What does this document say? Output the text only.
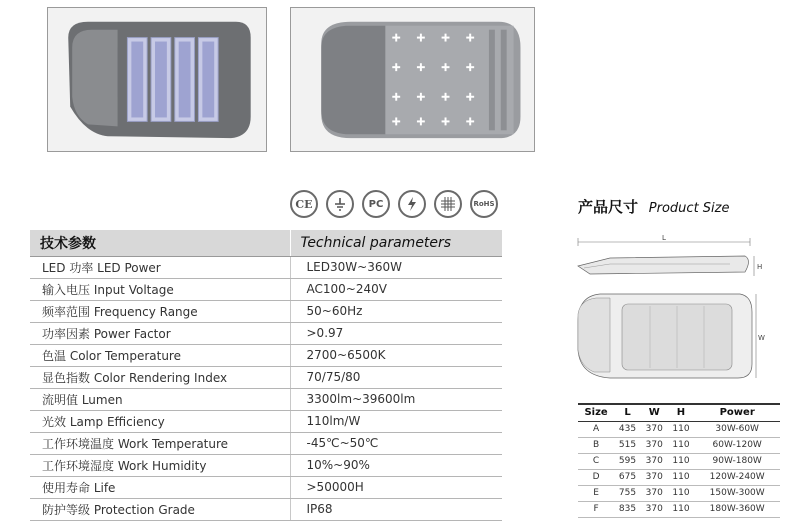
CE	PC	RoHS
技术参数	Technical parameters
LED 功率 LED Power	LED30W~360W
输入电压 Input Voltage	AC100~240V
频率范围 Frequency Range	50~60Hz
功率因素 Power Factor	>0.97
色温 Color Temperature	2700~6500K
显色指数 Color Rendering Index	70/75/80
流明值 Lumen	3300lm~39600lm
光效 Lamp Efficiency	110lm/W
工作环境温度 Work Temperature	-45℃~50℃
工作环境湿度 Work Humidity	10%~90%
使用寿命 Life	>50000H
防护等级 Protection Grade	IP68
产品尺寸 Product Size
L
H
W
Size	L	W	H	Power
A	435	370	110	30W-60W
B	515	370	110	60W-120W
C	595	370	110	90W-180W
D	675	370	110	120W-240W
E	755	370	110	150W-300W
F	835	370	110	180W-360W
